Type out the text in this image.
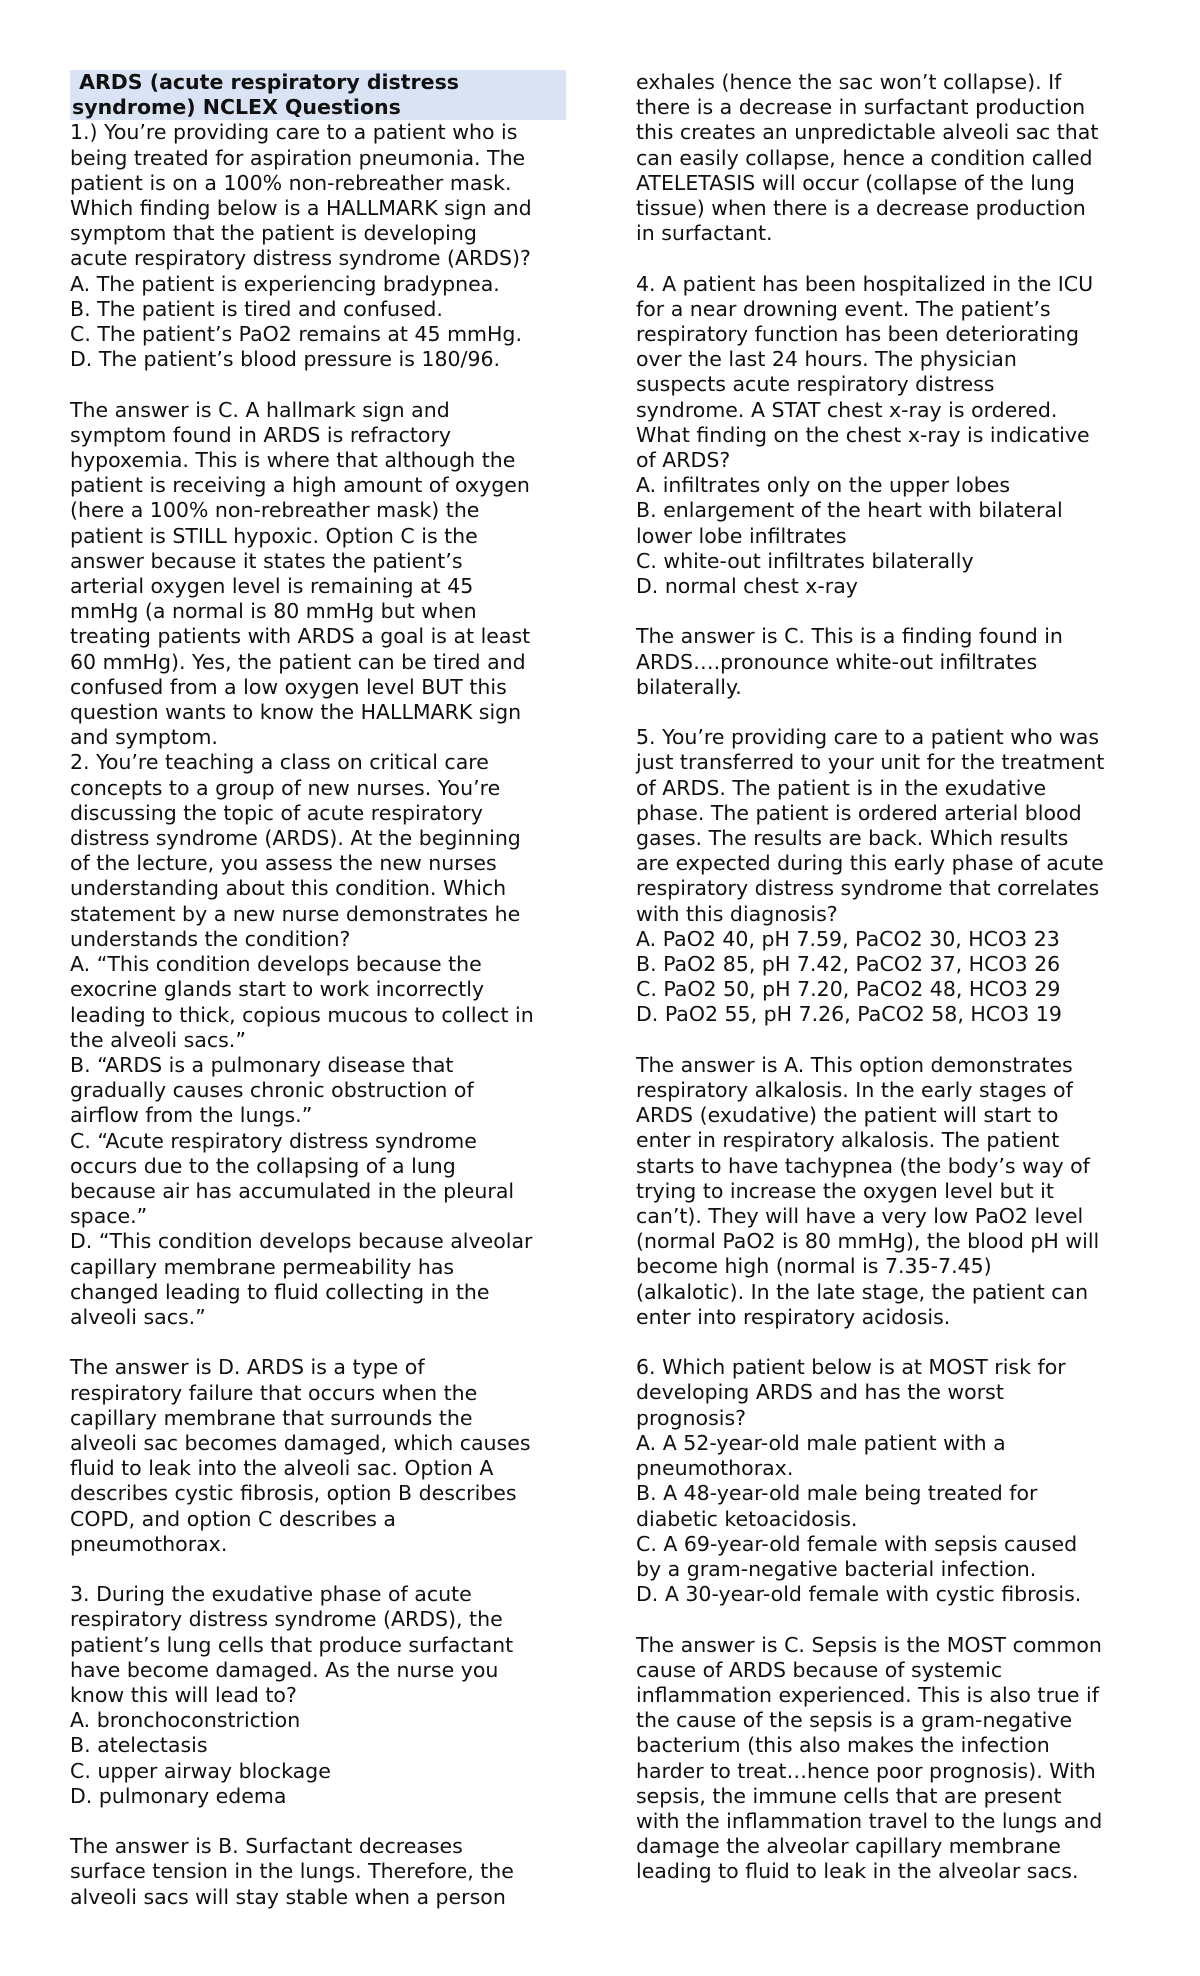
ARDS (acute respiratory distress
syndrome) NCLEX Questions
1.) You’re providing care to a patient who is
being treated for aspiration pneumonia. The
patient is on a 100% non-rebreather mask.
Which finding below is a HALLMARK sign and
symptom that the patient is developing
acute respiratory distress syndrome (ARDS)?
A. The patient is experiencing bradypnea.
B. The patient is tired and confused.
C. The patient’s PaO2 remains at 45 mmHg.
D. The patient’s blood pressure is 180/96.
The answer is C. A hallmark sign and
symptom found in ARDS is refractory
hypoxemia. This is where that although the
patient is receiving a high amount of oxygen
(here a 100% non-rebreather mask) the
patient is STILL hypoxic. Option C is the
answer because it states the patient’s
arterial oxygen level is remaining at 45
mmHg (a normal is 80 mmHg but when
treating patients with ARDS a goal is at least
60 mmHg). Yes, the patient can be tired and
confused from a low oxygen level BUT this
question wants to know the HALLMARK sign
and symptom.
2. You’re teaching a class on critical care
concepts to a group of new nurses. You’re
discussing the topic of acute respiratory
distress syndrome (ARDS). At the beginning
of the lecture, you assess the new nurses
understanding about this condition. Which
statement by a new nurse demonstrates he
understands the condition?
A. “This condition develops because the
exocrine glands start to work incorrectly
leading to thick, copious mucous to collect in
the alveoli sacs.”
B. “ARDS is a pulmonary disease that
gradually causes chronic obstruction of
airflow from the lungs.”
C. “Acute respiratory distress syndrome
occurs due to the collapsing of a lung
because air has accumulated in the pleural
space.”
D. “This condition develops because alveolar
capillary membrane permeability has
changed leading to fluid collecting in the
alveoli sacs.”
The answer is D. ARDS is a type of
respiratory failure that occurs when the
capillary membrane that surrounds the
alveoli sac becomes damaged, which causes
fluid to leak into the alveoli sac. Option A
describes cystic fibrosis, option B describes
COPD, and option C describes a
pneumothorax.
3. During the exudative phase of acute
respiratory distress syndrome (ARDS), the
patient’s lung cells that produce surfactant
have become damaged. As the nurse you
know this will lead to?
A. bronchoconstriction
B. atelectasis
C. upper airway blockage
D. pulmonary edema
The answer is B. Surfactant decreases
surface tension in the lungs. Therefore, the
alveoli sacs will stay stable when a person
exhales (hence the sac won’t collapse). If
there is a decrease in surfactant production
this creates an unpredictable alveoli sac that
can easily collapse, hence a condition called
ATELETASIS will occur (collapse of the lung
tissue) when there is a decrease production
in surfactant.
4. A patient has been hospitalized in the ICU
for a near drowning event. The patient’s
respiratory function has been deteriorating
over the last 24 hours. The physician
suspects acute respiratory distress
syndrome. A STAT chest x-ray is ordered.
What finding on the chest x-ray is indicative
of ARDS?
A. infiltrates only on the upper lobes
B. enlargement of the heart with bilateral
lower lobe infiltrates
C. white-out infiltrates bilaterally
D. normal chest x-ray
The answer is C. This is a finding found in
ARDS….pronounce white-out infiltrates
bilaterally.
5. You’re providing care to a patient who was
just transferred to your unit for the treatment
of ARDS. The patient is in the exudative
phase. The patient is ordered arterial blood
gases. The results are back. Which results
are expected during this early phase of acute
respiratory distress syndrome that correlates
with this diagnosis?
A. PaO2 40, pH 7.59, PaCO2 30, HCO3 23
B. PaO2 85, pH 7.42, PaCO2 37, HCO3 26
C. PaO2 50, pH 7.20, PaCO2 48, HCO3 29
D. PaO2 55, pH 7.26, PaCO2 58, HCO3 19
The answer is A. This option demonstrates
respiratory alkalosis. In the early stages of
ARDS (exudative) the patient will start to
enter in respiratory alkalosis. The patient
starts to have tachypnea (the body’s way of
trying to increase the oxygen level but it
can’t). They will have a very low PaO2 level
(normal PaO2 is 80 mmHg), the blood pH will
become high (normal is 7.35-7.45)
(alkalotic). In the late stage, the patient can
enter into respiratory acidosis.
6. Which patient below is at MOST risk for
developing ARDS and has the worst
prognosis?
A. A 52-year-old male patient with a
pneumothorax.
B. A 48-year-old male being treated for
diabetic ketoacidosis.
C. A 69-year-old female with sepsis caused
by a gram-negative bacterial infection.
D. A 30-year-old female with cystic fibrosis.
The answer is C. Sepsis is the MOST common
cause of ARDS because of systemic
inflammation experienced. This is also true if
the cause of the sepsis is a gram-negative
bacterium (this also makes the infection
harder to treat…hence poor prognosis). With
sepsis, the immune cells that are present
with the inflammation travel to the lungs and
damage the alveolar capillary membrane
leading to fluid to leak in the alveolar sacs.
